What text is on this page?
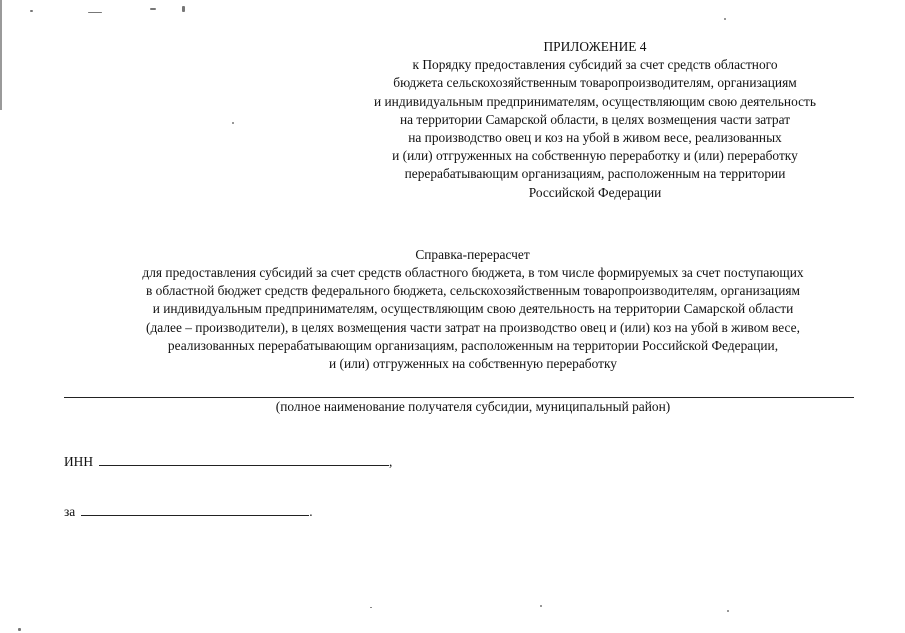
ПРИЛОЖЕНИЕ 4
к Порядку предоставления субсидий за счет средств областного
бюджета сельскохозяйственным товаропроизводителям, организациям
и индивидуальным предпринимателям, осуществляющим свою деятельность
на территории Самарской области, в целях возмещения части затрат
на производство овец и коз на убой в живом весе, реализованных
и (или) отгруженных на собственную переработку и (или) переработку
перерабатывающим организациям, расположенным на территории
Российской Федерации
Справка-перерасчет
для предоставления субсидий за счет средств областного бюджета, в том числе формируемых за счет поступающих
в областной бюджет средств федерального бюджета, сельскохозяйственным товаропроизводителям, организациям
и индивидуальным предпринимателям, осуществляющим свою деятельность на территории Самарской области
(далее – производители), в целях возмещения части затрат на производство овец и (или) коз на убой в живом весе,
реализованных перерабатывающим организациям, расположенным на территории Российской Федерации,
и (или) отгруженных на собственную переработку
(полное наименование получателя субсидии, муниципальный район)
ИНН	,
за	.
